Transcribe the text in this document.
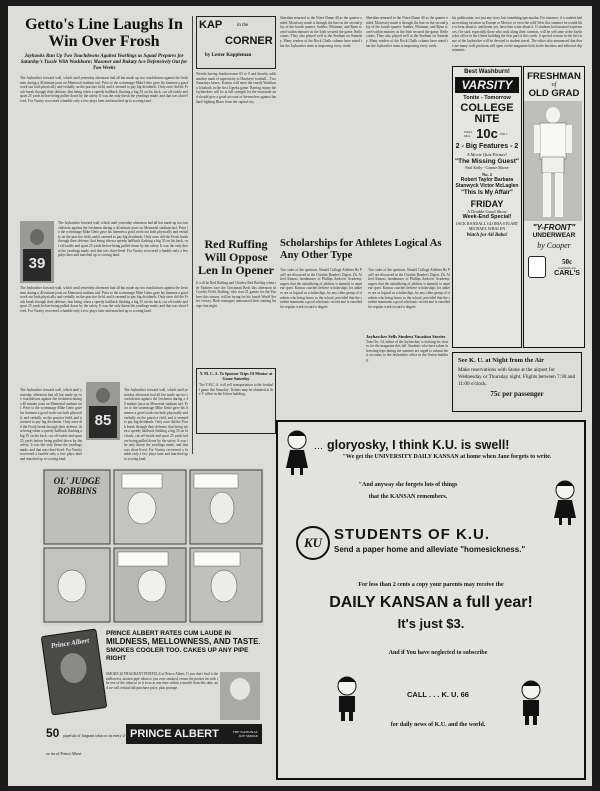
Getto's Line Laughs In Win Over Frosh
Jayhawks Run Up Two Touchdowns Against Yearlings as Squad Prepares for Saturday's Tussle With Washburn; Masoner and Bukaty Ace Defensively Out for Two Weeks
The Jayhawker forward wall, which until yesterday afternoon had all but made up two touchdowns against the freshmen during a 40 minute joust on Memorial stadium turf. Prior to the scrimmage Mike Getto gave his linemen a good work-out both physically and verbally on the practice field, and it seemed to pay big dividends. Only once did the Frosh break through their defense, that being when a speedy halfback flashing a big 35 on his back, cut off-tackle and spurt 25 yards before being pulled down by the safety. It was the only threat the yearlings made, and that was short-lived. For Varsity recovered a fumble only a few plays later and marched up to scoring land.
39
The Jayhawker forward wall, which until yesterday afternoon had all but made up two touchdowns against the freshmen during a 40 minute joust on Memorial stadium turf. Prior to the scrimmage Mike Getto gave his linemen a good work-out both physically and verbally on the practice field, and it seemed to pay big dividends. Only once did the Frosh break through their defense, that being when a speedy halfback flashing a big 35 on his back, cut off-tackle and spurt 25 yards before being pulled down by the safety. It was the only threat the yearlings made, and that was short-lived. For Varsity recovered a fumble only a few plays later and marched up to scoring land.
The Jayhawker forward wall, which until yesterday afternoon had all but made up two touchdowns against the freshmen during a 40 minute joust on Memorial stadium turf. Prior to the scrimmage Mike Getto gave his linemen a good work-out both physically and verbally on the practice field, and it seemed to pay big dividends. Only once did the Frosh break through their defense, that being when a speedy halfback flashing a big 35 on his back, cut off-tackle and spurt 25 yards before being pulled down by the safety. It was the only threat the yearlings made, and that was short-lived. For Varsity recovered a fumble only a few plays later and marched up to scoring land.
85
The Jayhawker forward wall, which until yesterday afternoon had all but made up two touchdowns against the freshmen during a 40 minute joust on Memorial stadium turf. Prior to the scrimmage Mike Getto gave his linemen a good work-out both physically and verbally on the practice field, and it seemed to pay big dividends. Only once did the Frosh break through their defense, that being when a speedy halfback flashing a big 35 on his back, cut off-tackle and spurt 25 yards before being pulled down by the safety. It was the only threat the yearlings made, and that was short-lived. For Varsity recovered a fumble only a few plays later and marched up to scoring land.
The Jayhawker forward wall, which until yesterday afternoon had all but made up two touchdowns against the freshmen during a 40 minute joust on Memorial stadium turf. Prior to the scrimmage Mike Getto gave his linemen a good work-out both physically and verbally on the practice field, and it seemed to pay big dividends. Only once did the Frosh break through their defense, that being when a speedy halfback flashing a big 35 on his back, cut off-tackle and spurt 25 yards before being pulled down by the safety. It was the only threat the yearlings made, and that was short-lived. For Varsity recovered a fumble only a few plays later and marched up to scoring land.
KAP	in the
CORNER
by Lester Kappleman
Weirdo having Southwestern 65 to 0 and thereby adds another mark of superiority to Hawkeye football... Two Saturdays hence, Kansas will meet the sturdy Washburn Ichabods in the first Topeka game. Barring injury the Jayhawkers will be at full strength for the encounter and should give a good account of themselves against the hard-fighting Blues from the capital city.
Sheridan returned to the Notre Dame 40 as the quarter ended. Morrissey made it through the line on the second play of the fourth quarter. Sodder, Whitman, and Ryan scored within minutes as the Irish secured the game. Reflections: They also played well at the Stadium on Saturday. Many readers of the Rock Chalk column have noted that the Jayhawker team is improving every week.
Red Ruffing Will Oppose Len In Opener
It will be Red Ruffing and Charley Red Ruffing when the Yankees face the Cincinnati Reds this afternoon in Crosley Field. Ruffing, who won 21 games for the Yankees this season, will be trying for his fourth World Series victory. Both managers announced their starting lineups last night.
Y. M. C. A. To Sponsor Trips Of Mentor at Game Saturday
The Y.M.C.A. will sell transportation to the football game this Saturday. Tickets may be obtained at the Y office in the Union building.
Scholarships for Athletes Logical As Any Other Type
Two sides of the question, Should College Athletes Be Paid? are discussed in the October Reader's Digest. Dr. Alfred Stearns, headmaster of Phillips Andover Academy, argues that the subsidizing of athletes is harmful to amateur sport. Kansas coaches believe scholarships for athletes are as logical as scholarships for any other group of students who bring honor to the school, provided that the student maintains a good scholastic record and is enrolled for regular work toward a degree.
Two sides of the question, Should College Athletes Be Paid? are discussed in the October Reader's Digest. Dr. Alfred Stearns, headmaster of Phillips Andover Academy, argues that the subsidizing of athletes is harmful to amateur sport. Kansas coaches believe scholarships for athletes are as logical as scholarships for any other group of students who bring honor to the school, provided that the student maintains a good scholastic record and is enrolled for regular work toward a degree.
Sheridan returned to the Notre Dame 40 as the quarter ended. Morrissey made it through the line on the second play of the fourth quarter. Sodder, Whitman, and Ryan scored within minutes as the Irish secured the game. Reflections: They also played well at the Stadium on Saturday. Many readers of the Rock Chalk column have noted that the Jayhawker team is improving every week.
Jayhawker Sells Student Vacation Stories
Tom Orr, 34, editor of the Jayhawker, is looking for stories for the magazine this fall. Students who have taken interesting trips during the summer are urged to submit their accounts to the Jayhawker office in the Union building.
his publication, not just any story but something spectacular. For instance, if a student had an exciting vacation in Europe or Mexico or even the wild West this summer he would like to hear about it, and better yet, have him write about it. If students had unusual experiences, Orr said, especially those who took along their cameras, will be welcome at the Jayhawker office in the Union building the first part of this week. A special section in the first issue of the Jayhawker will be devoted to student travel. The editor also announced that there are many staff positions still open on the magazine both in the business and editorial departments.
Best Washburn!
VARSITY
Tonite - Tomorrow
COLLEGE NITE
Nite's Mat. 10c Till 7
2 - Big Features - 2
A Movie Quiz Picture!
"The Missing Guest"
Paul Kelly - Connie Moore
No. 2
Robert Taylor Barbara Stanwyck Victor McLaglen
"This Is My Affair"
FRIDAY
A Double Good Show
Week-End Special!
JACK RANDALL GLORIA STUART MICHAEL WHALEN
Watch for Ali Baba!
FRESHMAN
of
OLD GRAD
"Y-FRONT"
UNDERWEAR
by Cooper
50c
Garment Up
CARL'S
See K. U. at Night from the Air
Make reservations with Stone at the airport for Wednesday or Thursday night. Flights between 7:30 and 11:00 o'clock.
75c per passenger
OL' JUDGE ROBBINS
Prince Albert
PRINCE ALBERT RATES CUM LAUDE IN MILDNESS, MELLOWNESS, AND TASTE. SMOKES COOLER TOO. CAKES UP ANY PIPE RIGHT
SMOKE 20 FRAGRANT PIPEFULS of Prince Albert. If you don't find it the mellowest, tastiest pipe tobacco you ever smoked, return the pocket tin with the rest of the tobacco in it to us at any time within a month from this date, and we will refund full purchase price, plus postage.
50 pipefuls of fragrant tobacco in every 2-oz tin of Prince Albert
PRINCE ALBERT	THE NATIONAL JOY SMOKE
… gloryosky, I think K.U. is swell!
"We get the UNIVERSITY DAILY KANSAN at home when Jane forgets to write.
"And anyway she forgets lots of things
that the KANSAN remembers.
KU STUDENTS OF K.U.
Send a paper home and alleviate "homesickness."
For less than 2 cents a copy your parents may receive the
DAILY KANSAN a full year!
It's just $3.
And if You have neglected to subscribe
CALL . . . K. U. 66
for daily news of K.U. and the world.
